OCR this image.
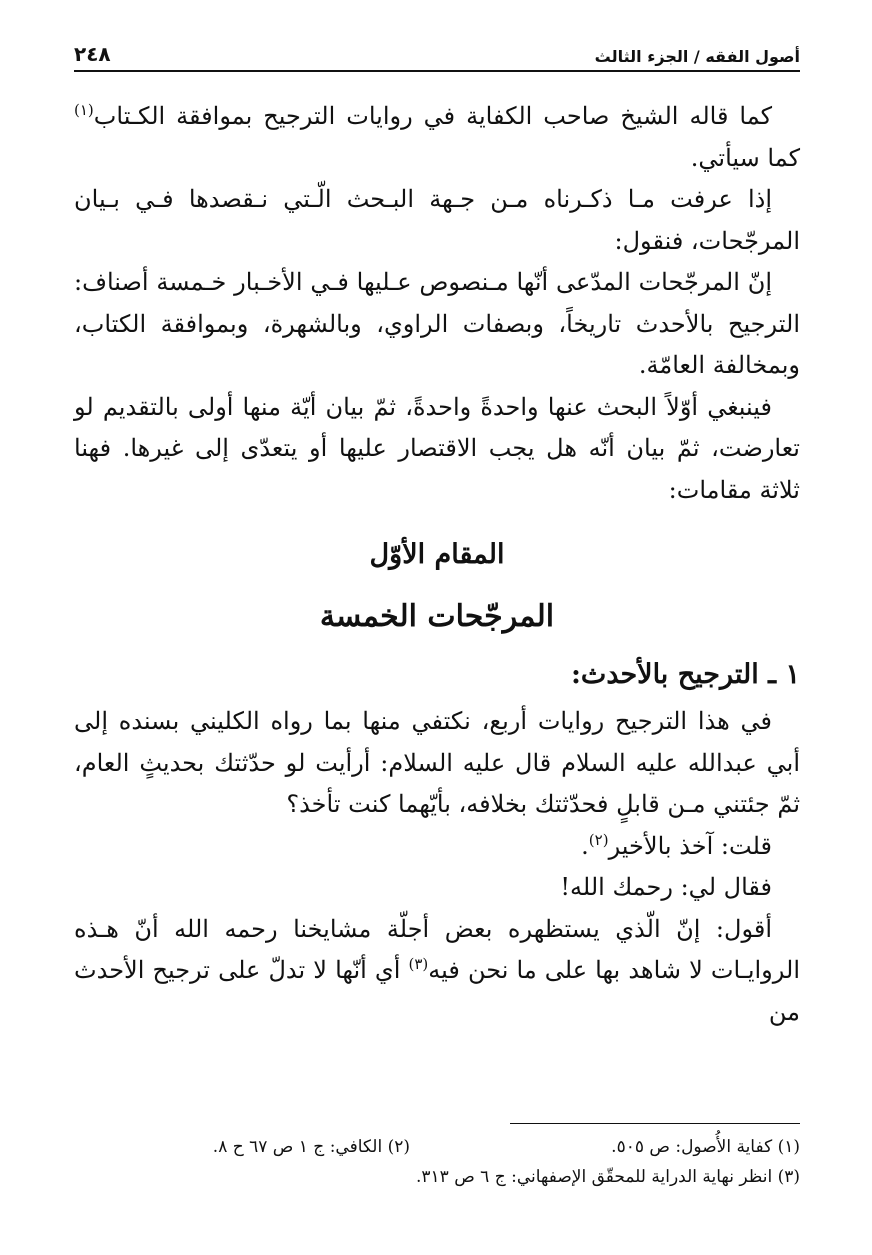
أصول الفقه / الجزء الثالث
٢٤٨

كما قاله الشيخ صاحب الكفاية في روايات الترجيح بموافقة الكـتاب$^{(١)}$ كما سيأتي.

إذا عرفت مـا ذكـرناه مـن جـهة البـحث الّـتي نـقصدها فـي بـيان المرجّحات، فنقول:

إنّ المرجّحات المدّعى أنّها مـنصوص عـليها فـي الأخـبار خـمسة أصناف: الترجيح بالأحدث تاريخاً، وبصفات الراوي، وبالشهرة، وبموافقة الكتاب، وبمخالفة العامّة.

فينبغي أوّلاً البحث عنها واحدةً واحدةً، ثمّ بيان أيّة منها أولى بالتقديم لو تعارضت، ثمّ بيان أنّه هل يجب الاقتصار عليها أو يتعدّى إلى غيرها. فهنا ثلاثة مقامات:

المقام الأوّل

المرجّحات الخمسة

١ ـ الترجيح بالأحدث:

في هذا الترجيح روايات أربع، نكتفي منها بما رواه الكليني بسنده إلى أبي عبدالله عليه السلام قال عليه السلام: أرأيت لو حدّثتك بحديثٍ العام، ثمّ جئتني مـن قابلٍ فحدّثتك بخلافه، بأيّهما كنت تأخذ؟

قلت: آخذ بالأخير$^{(٢)}$.

فقال لي: رحمك الله!

أقول: إنّ الّذي يستظهره بعض أجلّة مشايخنا رحمه الله أنّ هـذه الروايـات لا شاهد بها على ما نحن فيه$^{(٣)}$ أي أنّها لا تدلّ على ترجيح الأحدث من

(١) كفاية الأُصول: ص ٥٠٥.
(٢) الكافي: ج ١ ص ٦٧ ح ٨.
(٣) انظر نهاية الدراية للمحقّق الإصفهاني: ج ٦ ص ٣١٣.
